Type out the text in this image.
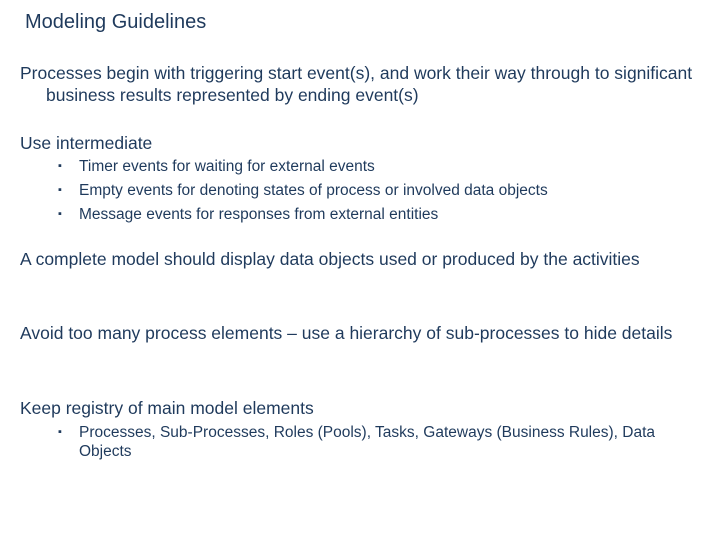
Modeling Guidelines
Processes begin with triggering start event(s), and work their way through to significant business results represented by ending event(s)
Use intermediate
▪ Timer events for waiting for external events
▪ Empty events for denoting states of process or involved data objects
▪ Message events for responses from external entities
A complete model should display data objects used or produced by the activities
Avoid too many process elements – use a hierarchy of sub-processes to hide details
Keep registry of main model elements
▪ Processes, Sub-Processes, Roles (Pools), Tasks, Gateways (Business Rules), Data Objects
